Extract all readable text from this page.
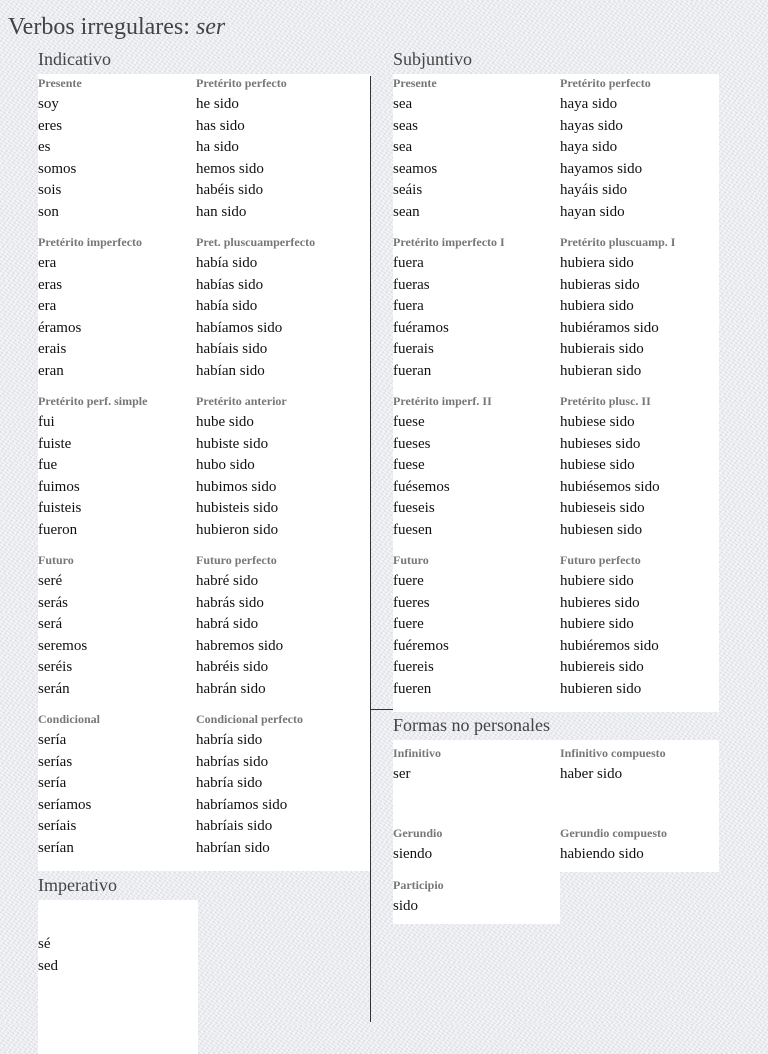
Verbos irregulares: ser
Indicativo
Presente
soy
eres
es
somos
sois
son
Pretérito perfecto
he sido
has sido
ha sido
hemos sido
habéis sido
han sido
Pretérito imperfecto
era
eras
era
éramos
erais
eran
Pret. pluscuamperfecto
había sido
habías sido
había sido
habíamos sido
habíais sido
habían sido
Pretérito perf. simple
fui
fuiste
fue
fuimos
fuisteis
fueron
Pretérito anterior
hube sido
hubiste sido
hubo sido
hubimos sido
hubisteis sido
hubieron sido
Futuro
seré
serás
será
seremos
seréis
serán
Futuro perfecto
habré sido
habrás sido
habrá sido
habremos sido
habréis sido
habrán sido
Condicional
sería
serías
sería
seríamos
seríais
serían
Condicional perfecto
habría sido
habrías sido
habría sido
habríamos sido
habríais sido
habrían sido
Subjuntivo
Presente
sea
seas
sea
seamos
seáis
sean
Pretérito perfecto
haya sido
hayas sido
haya sido
hayamos sido
hayáis sido
hayan sido
Pretérito imperfecto I
fuera
fueras
fuera
fuéramos
fuerais
fueran
Pretérito pluscuamp. I
hubiera sido
hubieras sido
hubiera sido
hubiéramos sido
hubierais sido
hubieran sido
Pretérito imperf. II
fuese
fueses
fuese
fuésemos
fueseis
fuesen
Pretérito plusc. II
hubiese sido
hubieses sido
hubiese sido
hubiésemos sido
hubieseis sido
hubiesen sido
Futuro
fuere
fueres
fuere
fuéremos
fuereis
fueren
Futuro perfecto
hubiere sido
hubieres sido
hubiere sido
hubiéremos sido
hubiereis sido
hubieren sido
Imperativo
sé
sed
Formas no personales
Infinitivo
ser
Infinitivo compuesto
haber sido
Gerundio
siendo
Gerundio compuesto
habiendo sido
Participio
sido
